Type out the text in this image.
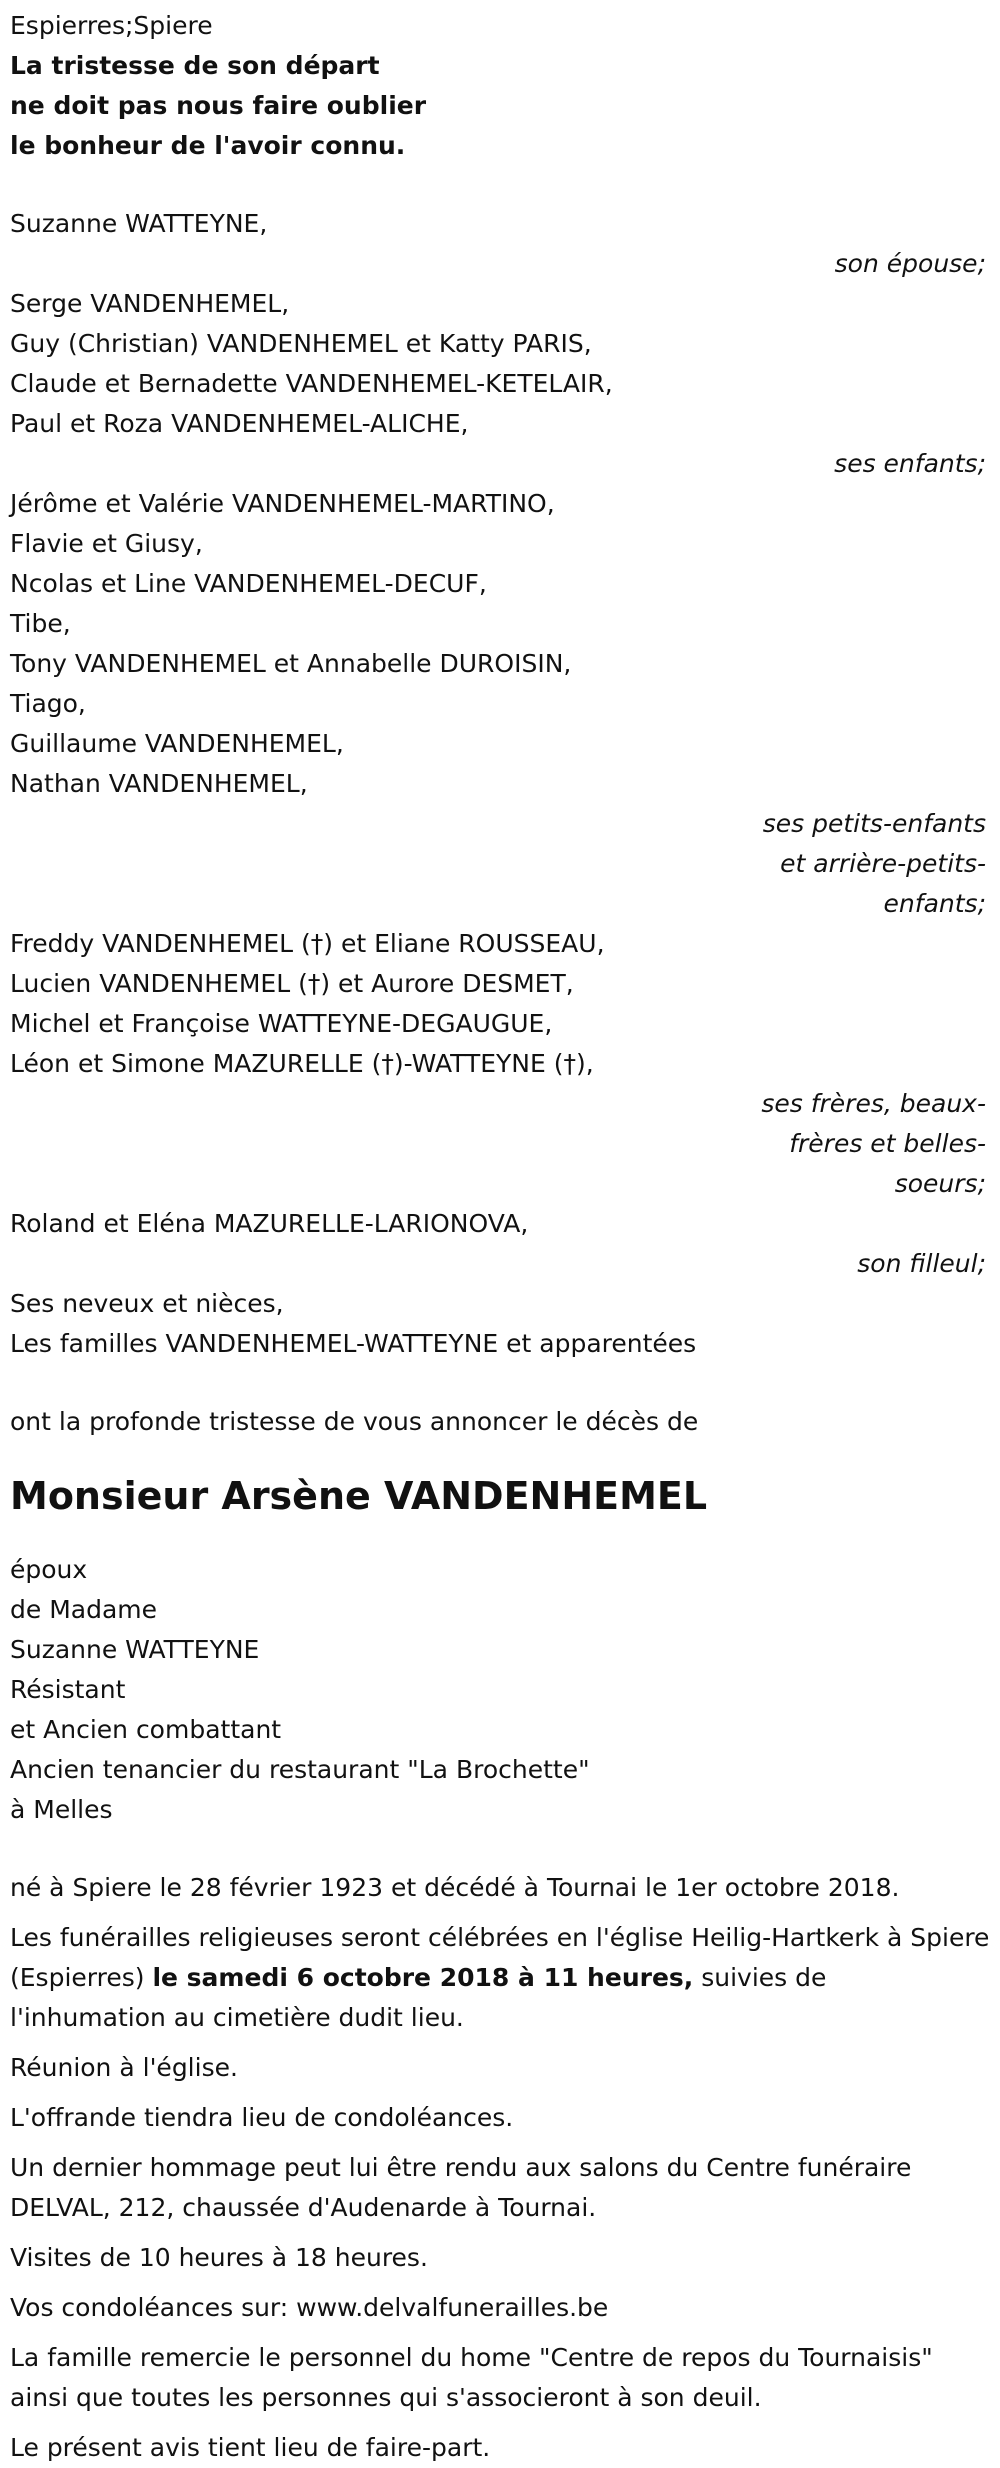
Espierres;Spiere

La tristesse de son départ

ne doit pas nous faire oublier

le bonheur de l'avoir connu.

Suzanne WATTEYNE,

son épouse;

Serge VANDENHEMEL,

Guy (Christian) VANDENHEMEL et Katty PARIS,

Claude et Bernadette VANDENHEMEL-KETELAIR,

Paul et Roza VANDENHEMEL-ALICHE,

ses enfants;

Jérôme et Valérie VANDENHEMEL-MARTINO,

Flavie et Giusy,

Ncolas et Line VANDENHEMEL-DECUF,

Tibe,

Tony VANDENHEMEL et Annabelle DUROISIN,

Tiago,

Guillaume VANDENHEMEL,

Nathan VANDENHEMEL,

ses petits-enfants
et arrière-petits-
enfants;

Freddy VANDENHEMEL (†) et Eliane ROUSSEAU,

Lucien VANDENHEMEL (†) et Aurore DESMET,

Michel et Françoise WATTEYNE-DEGAUGUE,

Léon et Simone MAZURELLE (†)-WATTEYNE (†),

ses frères, beaux-
frères et belles-
soeurs;

Roland et Eléna MAZURELLE-LARIONOVA,

son filleul;

Ses neveux et nièces,

Les familles VANDENHEMEL-WATTEYNE et apparentées

ont la profonde tristesse de vous annoncer le décès de

Monsieur Arsène VANDENHEMEL

époux

de Madame

Suzanne WATTEYNE

Résistant

et Ancien combattant

Ancien tenancier du restaurant "La Brochette"

à Melles

né à Spiere le 28 février 1923 et décédé à Tournai le 1er octobre 2018.

Les funérailles religieuses seront célébrées en l'église Heilig-Hartkerk à Spiere (Espierres) le samedi 6 octobre 2018 à 11 heures, suivies de l'inhumation au cimetière dudit lieu.

Réunion à l'église.

L'offrande tiendra lieu de condoléances.

Un dernier hommage peut lui être rendu aux salons du Centre funéraire DELVAL, 212, chaussée d'Audenarde à Tournai.

Visites de 10 heures à 18 heures.

Vos condoléances sur: www.delvalfunerailles.be

La famille remercie le personnel du home "Centre de repos du Tournaisis" ainsi que toutes les personnes qui s'associeront à son deuil.

Le présent avis tient lieu de faire-part.
